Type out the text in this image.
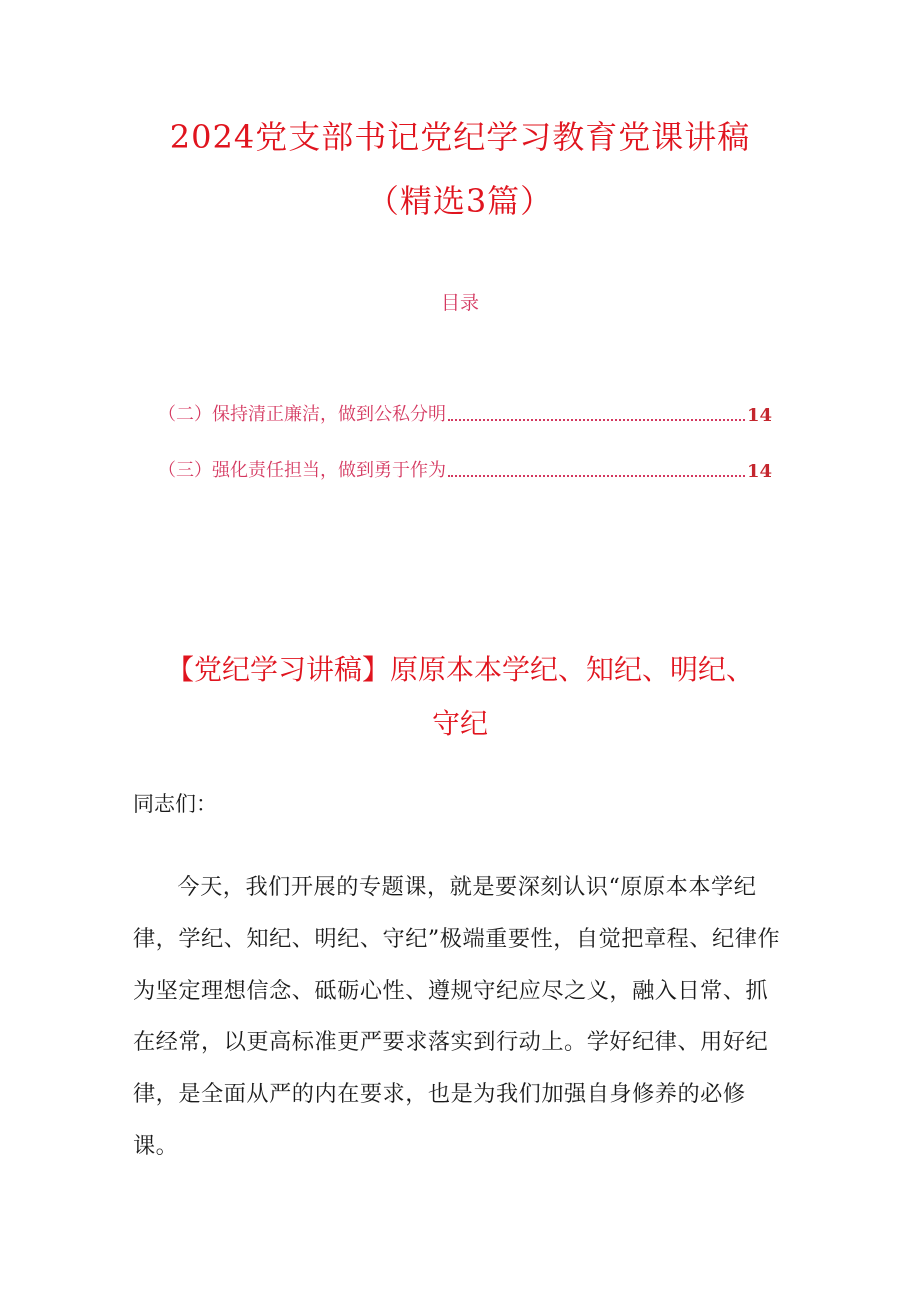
2024党支部书记党纪学习教育党课讲稿
（精选3篇）
目录
（二）保持清正廉洁，做到公私分明	14
（三）强化责任担当，做到勇于作为	14
【党纪学习讲稿】原原本本学纪、知纪、明纪、
守纪
同志们：

今天，我们开展的专题课，就是要深刻认识“原原本本学纪律，学纪、知纪、明纪、守纪”极端重要性，自觉把章程、纪律作为坚定理想信念、砥砺心性、遵规守纪应尽之义，融入日常、抓在经常，以更高标准更严要求落实到行动上。学好纪律、用好纪律，是全面从严的内在要求，也是为我们加强自身修养的必修课。
